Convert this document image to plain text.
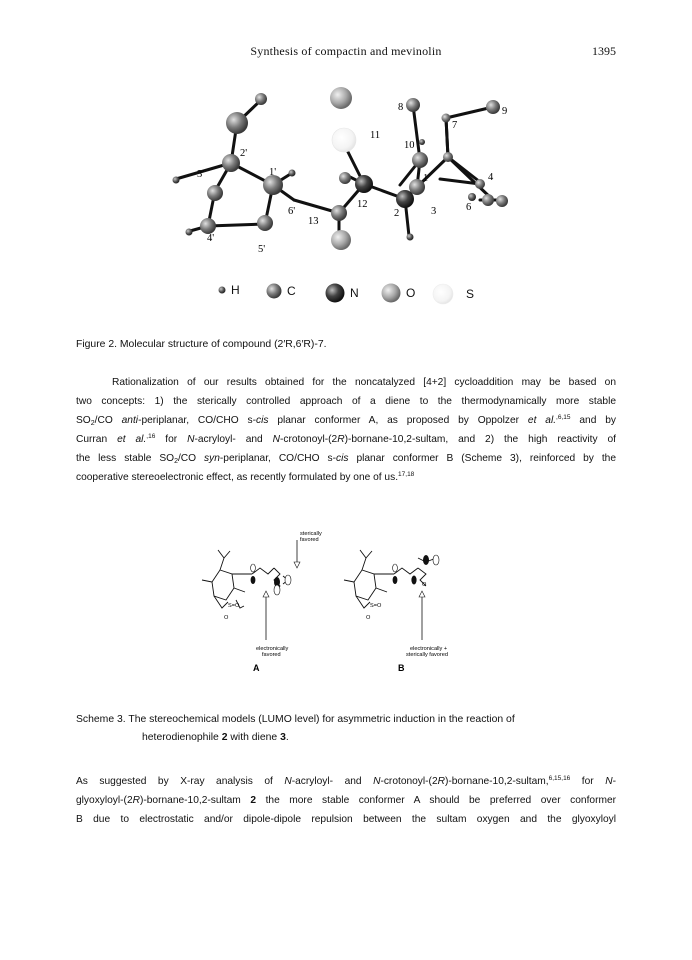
Synthesis of compactin and mevinolin	1395
2'
1'
3'
4'
5'
6'
13
12
11
10
8	9
7
1
2	3
4
6
H	C	N	O	S
Figure 2. Molecular structure of compound (2′R,6′R)-7.
Rationalization of our results obtained for the noncatalyzed [4+2] cycloaddition may be based on
two concepts: 1) the sterically controlled approach of a diene to the thermodynamically more stable
$SO_2/CO$ anti-periplanar, CO/CHO s-cis planar conformer A, as proposed by Oppolzer et al.$^{,6,15}$ and by
Curran et al.$^{,16}$ for N-acryloyl- and N-crotonoyl-(2R)-bornane-10,2-sultam, and 2) the high reactivity of
the less stable $SO_2/CO$ syn-periplanar, CO/CHO s-cis planar conformer B (Scheme 3), reinforced by the
cooperative stereoelectronic effect, as recently formulated by one of us.$^{17,18}$
S=O
O
sterically
favored
electronically
favored
A
S=O
O
O
electronically +
sterically favored
B
Scheme 3. The stereochemical models (LUMO level) for asymmetric induction in the reaction of
heterodienophile 2 with diene 3.
As suggested by X-ray analysis of N-acryloyl- and N-crotonoyl-(2R)-bornane-10,2-sultam,$^{6,15,16}$ for N-
glyoxyloyl-(2R)-bornane-10,2-sultam 2 the more stable conformer A should be preferred over conformer
B due to electrostatic and/or dipole-dipole repulsion between the sultam oxygen and the glyoxyloyl
